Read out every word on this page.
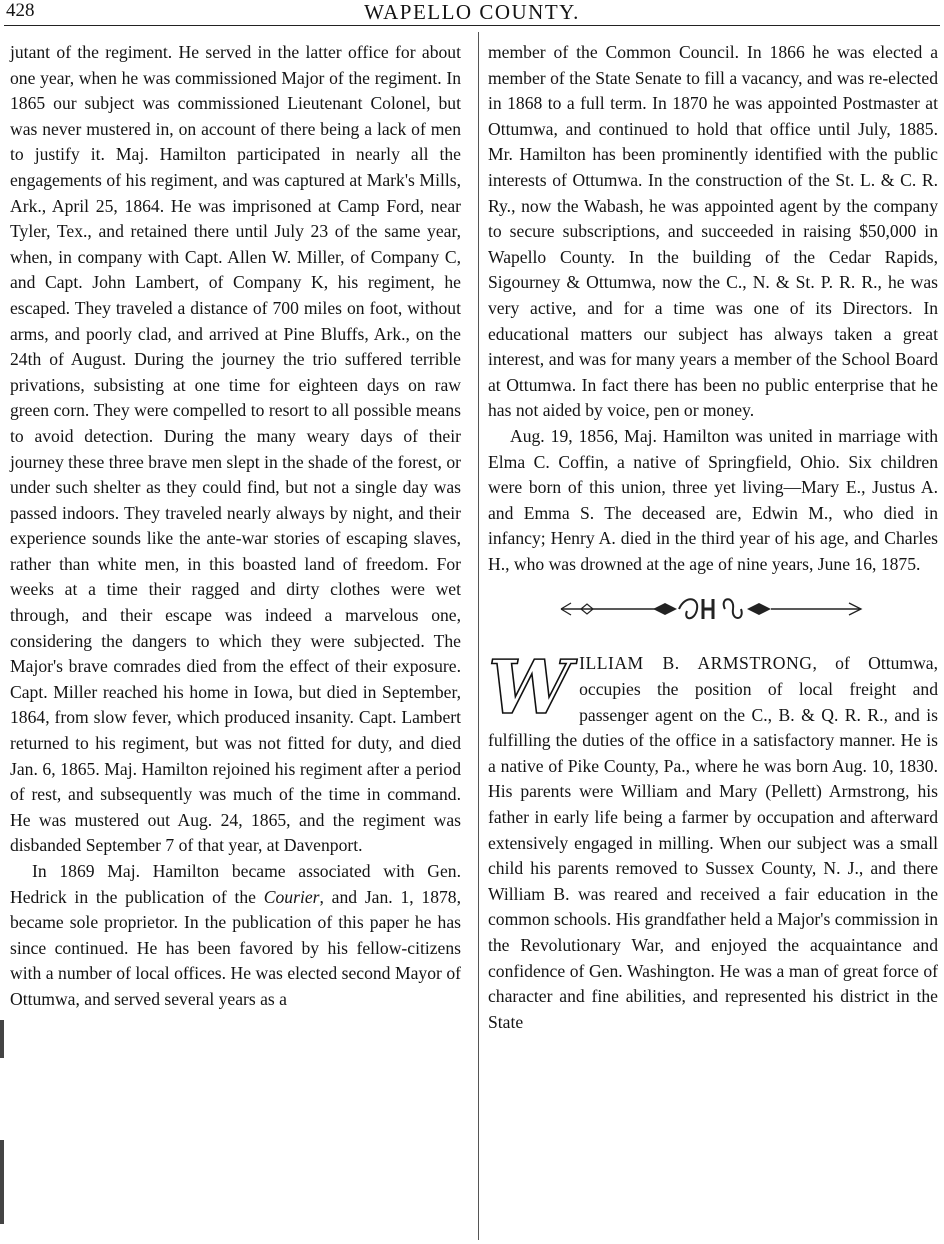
428	WAPELLO COUNTY.

jutant of the regiment. He served in the latter office for about one year, when he was commissioned Major of the regiment. In 1865 our subject was commissioned Lieutenant Colonel, but was never mustered in, on account of there being a lack of men to justify it. Maj. Hamilton participated in nearly all the engagements of his regiment, and was captured at Mark's Mills, Ark., April 25, 1864. He was imprisoned at Camp Ford, near Tyler, Tex., and retained there until July 23 of the same year, when, in company with Capt. Allen W. Miller, of Company C, and Capt. John Lambert, of Company K, his regiment, he escaped. They traveled a distance of 700 miles on foot, without arms, and poorly clad, and arrived at Pine Bluffs, Ark., on the 24th of August. During the journey the trio suffered terrible privations, subsisting at one time for eighteen days on raw green corn. They were compelled to resort to all possible means to avoid detection. During the many weary days of their journey these three brave men slept in the shade of the forest, or under such shelter as they could find, but not a single day was passed indoors. They traveled nearly always by night, and their experience sounds like the ante-war stories of escaping slaves, rather than white men, in this boasted land of freedom. For weeks at a time their ragged and dirty clothes were wet through, and their escape was indeed a marvelous one, considering the dangers to which they were subjected. The Major's brave comrades died from the effect of their exposure. Capt. Miller reached his home in Iowa, but died in September, 1864, from slow fever, which produced insanity. Capt. Lambert returned to his regiment, but was not fitted for duty, and died Jan. 6, 1865. Maj. Hamilton rejoined his regiment after a period of rest, and subsequently was much of the time in command. He was mustered out Aug. 24, 1865, and the regiment was disbanded September 7 of that year, at Davenport.

In 1869 Maj. Hamilton became associated with Gen. Hedrick in the publication of the Courier, and Jan. 1, 1878, became sole proprietor. In the publication of this paper he has since continued. He has been favored by his fellow-citizens with a number of local offices. He was elected second Mayor of Ottumwa, and served several years as a

member of the Common Council. In 1866 he was elected a member of the State Senate to fill a vacancy, and was re-elected in 1868 to a full term. In 1870 he was appointed Postmaster at Ottumwa, and continued to hold that office until July, 1885. Mr. Hamilton has been prominently identified with the public interests of Ottumwa. In the construction of the St. L. & C. R. Ry., now the Wabash, he was appointed agent by the company to secure subscriptions, and succeeded in raising $50,000 in Wapello County. In the building of the Cedar Rapids, Sigourney & Ottumwa, now the C., N. & St. P. R. R., he was very active, and for a time was one of its Directors. In educational matters our subject has always taken a great interest, and was for many years a member of the School Board at Ottumwa. In fact there has been no public enterprise that he has not aided by voice, pen or money.

Aug. 19, 1856, Maj. Hamilton was united in marriage with Elma C. Coffin, a native of Springfield, Ohio. Six children were born of this union, three yet living—Mary E., Justus A. and Emma S. The deceased are, Edwin M., who died in infancy; Henry A. died in the third year of his age, and Charles H., who was drowned at the age of nine years, June 16, 1875.

WILLIAM B. ARMSTRONG, of Ottumwa, occupies the position of local freight and passenger agent on the C., B. & Q. R. R., and is fulfilling the duties of the office in a satisfactory manner. He is a native of Pike County, Pa., where he was born Aug. 10, 1830. His parents were William and Mary (Pellett) Armstrong, his father in early life being a farmer by occupation and afterward extensively engaged in milling. When our subject was a small child his parents removed to Sussex County, N. J., and there William B. was reared and received a fair education in the common schools. His grandfather held a Major's commission in the Revolutionary War, and enjoyed the acquaintance and confidence of Gen. Washington. He was a man of great force of character and fine abilities, and represented his district in the State
